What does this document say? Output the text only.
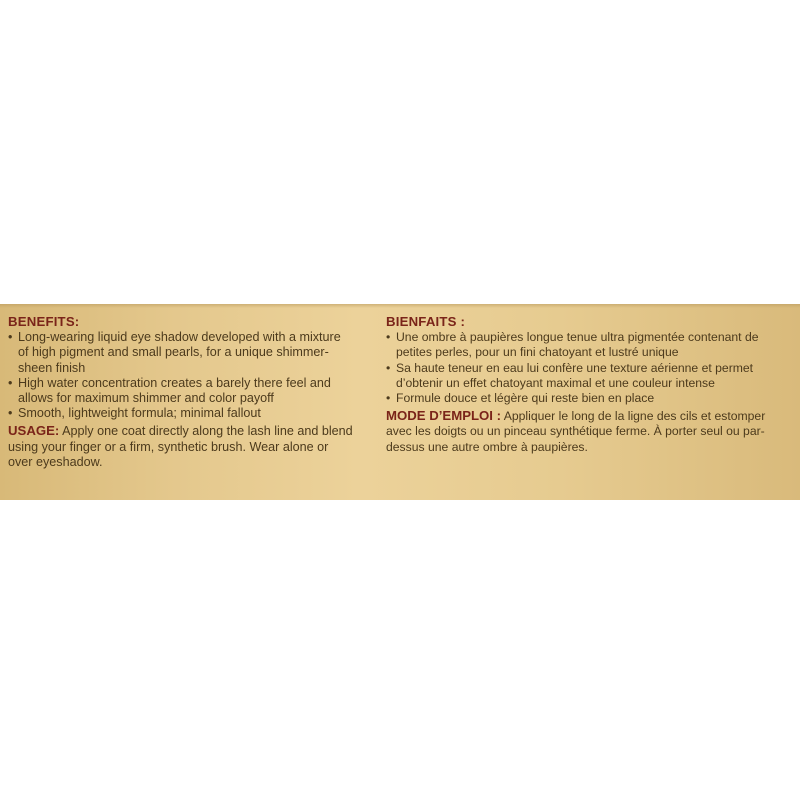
BENEFITS:
• Long-wearing liquid eye shadow developed with a mixture of high pigment and small pearls, for a unique shimmer-sheen finish
• High water concentration creates a barely there feel and allows for maximum shimmer and color payoff
• Smooth, lightweight formula; minimal fallout
USAGE: Apply one coat directly along the lash line and blend using your finger or a firm, synthetic brush. Wear alone or over eyeshadow.
BIENFAITS :
• Une ombre à paupières longue tenue ultra pigmentée contenant de petites perles, pour un fini chatoyant et lustré unique
• Sa haute teneur en eau lui confère une texture aérienne et permet d’obtenir un effet chatoyant maximal et une couleur intense
• Formule douce et légère qui reste bien en place
MODE D’EMPLOI : Appliquer le long de la ligne des cils et estomper avec les doigts ou un pinceau synthétique ferme. À porter seul ou par-dessus une autre ombre à paupières.
